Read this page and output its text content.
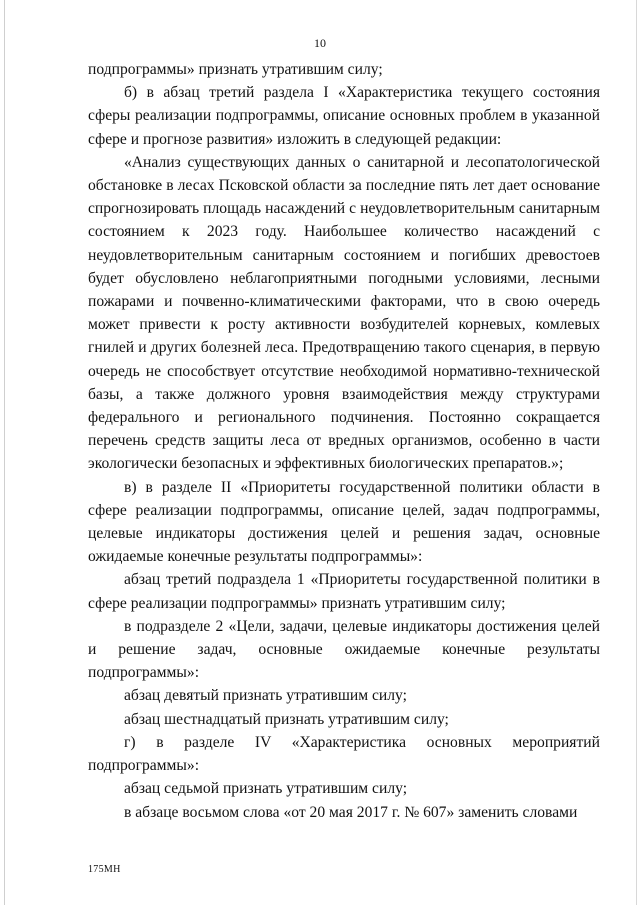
10

подпрограммы» признать утратившим силу;

б) в абзац третий раздела I «Характеристика текущего состояния сферы реализации подпрограммы, описание основных проблем в указанной сфере и прогнозе развития» изложить в следующей редакции:

«Анализ существующих данных о санитарной и лесопатологической обстановке в лесах Псковской области за последние пять лет дает основание спрогнозировать площадь насаждений с неудовлетворительным санитарным состоянием к 2023 году. Наибольшее количество насаждений с неудовлетворительным санитарным состоянием и погибших древостоев будет обусловлено неблагоприятными погодными условиями, лесными пожарами и почвенно-климатическими факторами, что в свою очередь может привести к росту активности возбудителей корневых, комлевых гнилей и других болезней леса. Предотвращению такого сценария, в первую очередь не способствует отсутствие необходимой нормативно-технической базы, а также должного уровня взаимодействия между структурами федерального и регионального подчинения. Постоянно сокращается перечень средств защиты леса от вредных организмов, особенно в части экологически безопасных и эффективных биологических препаратов.»;

в) в разделе II «Приоритеты государственной политики области в сфере реализации подпрограммы, описание целей, задач подпрограммы, целевые индикаторы достижения целей и решения задач, основные ожидаемые конечные результаты подпрограммы»:

абзац третий подраздела 1 «Приоритеты государственной политики в сфере реализации подпрограммы» признать утратившим силу;

в подразделе 2 «Цели, задачи, целевые индикаторы достижения целей и решение задач, основные ожидаемые конечные результаты подпрограммы»:

абзац девятый признать утратившим силу;

абзац шестнадцатый признать утратившим силу;

г) в разделе IV «Характеристика основных мероприятий подпрограммы»:

абзац седьмой признать утратившим силу;

в абзаце восьмом слова «от 20 мая 2017 г. № 607» заменить словами

175МН
